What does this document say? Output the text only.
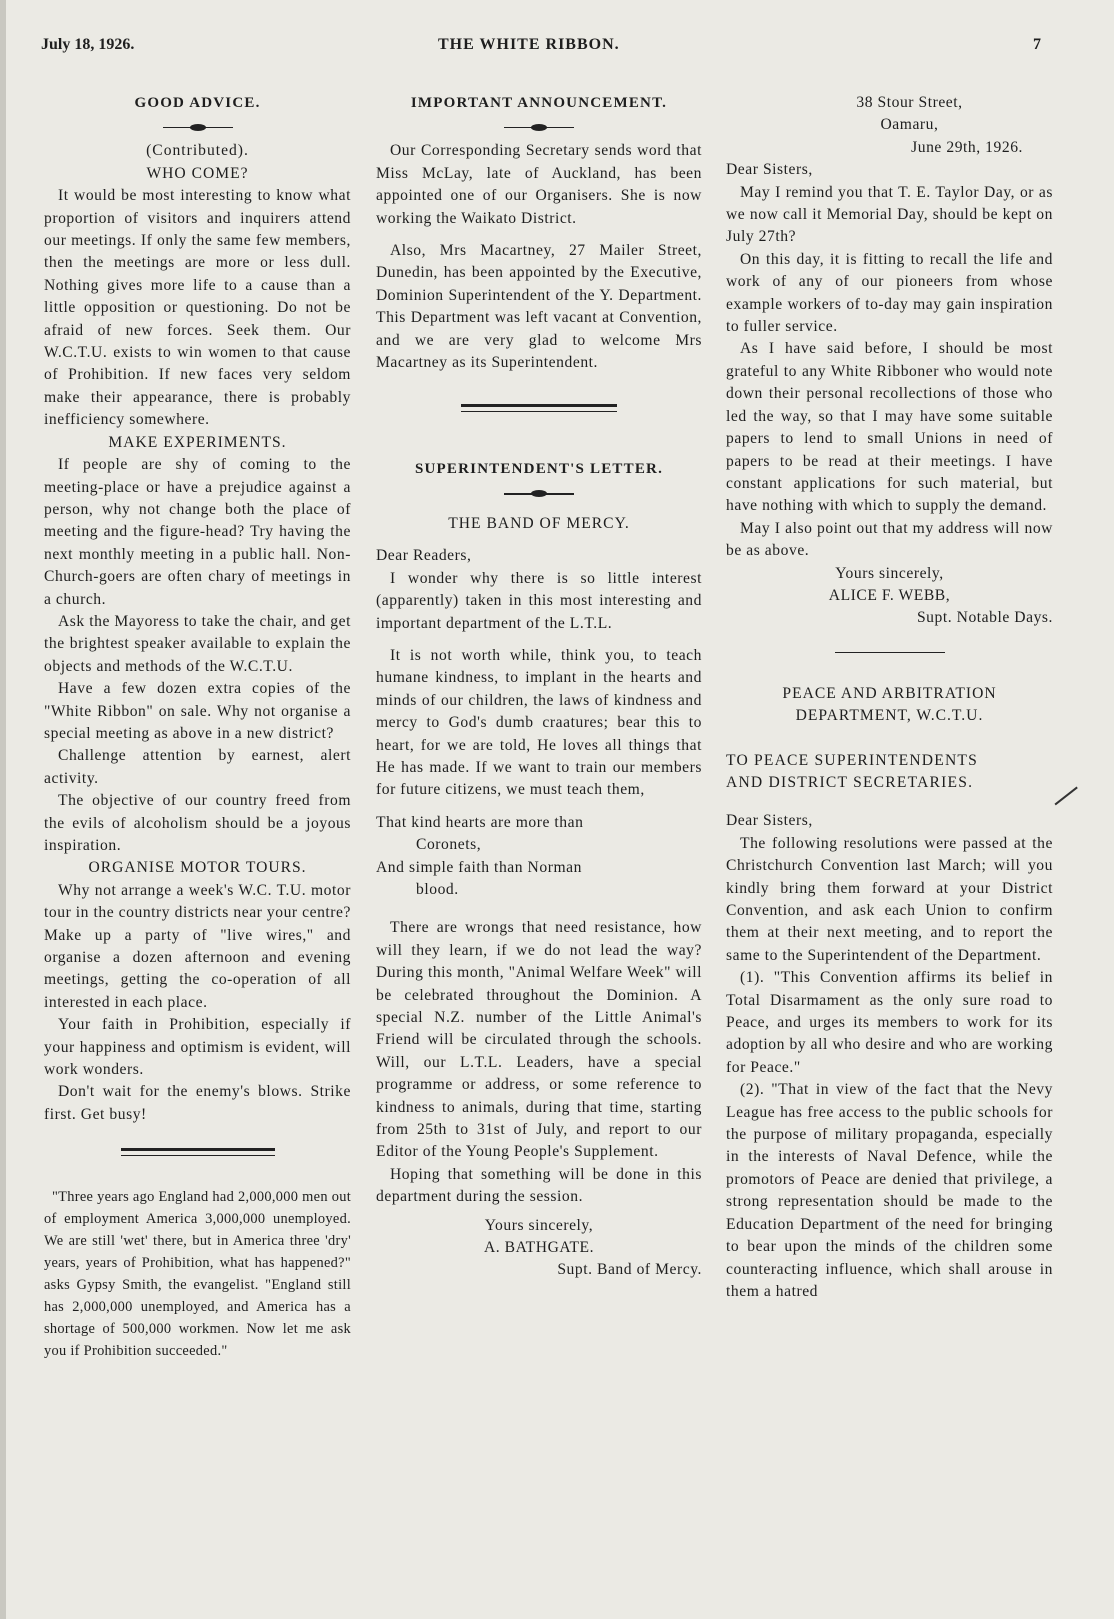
July 18, 1926.	THE WHITE RIBBON.	7

GOOD ADVICE.

(Contributed).

WHO COME?

It would be most interesting to know what proportion of visitors and inquirers attend our meetings. If only the same few members, then the meetings are more or less dull. Nothing gives more life to a cause than a little opposition or questioning. Do not be afraid of new forces. Seek them. Our W.C.T.U. exists to win women to that cause of Prohibition. If new faces very seldom make their appearance, there is probably inefficiency somewhere.

MAKE EXPERIMENTS.

If people are shy of coming to the meeting-place or have a prejudice against a person, why not change both the place of meeting and the figure-head? Try having the next monthly meeting in a public hall. Non-Church-goers are often chary of meetings in a church.

Ask the Mayoress to take the chair, and get the brightest speaker available to explain the objects and methods of the W.C.T.U.

Have a few dozen extra copies of the "White Ribbon" on sale. Why not organise a special meeting as above in a new district?

Challenge attention by earnest, alert activity.

The objective of our country freed from the evils of alcoholism should be a joyous inspiration.

ORGANISE MOTOR TOURS.

Why not arrange a week's W.C. T.U. motor tour in the country districts near your centre? Make up a party of "live wires," and organise a dozen afternoon and evening meetings, getting the co-operation of all interested in each place.

Your faith in Prohibition, especially if your happiness and optimism is evident, will work wonders.

Don't wait for the enemy's blows. Strike first. Get busy!

"Three years ago England had 2,000,000 men out of employment America 3,000,000 unemployed. We are still 'wet' there, but in America three 'dry' years, years of Prohibition, what has happened?" asks Gypsy Smith, the evangelist. "England still has 2,000,000 unemployed, and America has a shortage of 500,000 workmen. Now let me ask you if Prohibition succeeded."

IMPORTANT ANNOUNCEMENT.

Our Corresponding Secretary sends word that Miss McLay, late of Auckland, has been appointed one of our Organisers. She is now working the Waikato District.

Also, Mrs Macartney, 27 Mailer Street, Dunedin, has been appointed by the Executive, Dominion Superintendent of the Y. Department. This Department was left vacant at Convention, and we are very glad to welcome Mrs Macartney as its Superintendent.

SUPERINTENDENT'S LETTER.

THE BAND OF MERCY.

Dear Readers,

I wonder why there is so little interest (apparently) taken in this most interesting and important department of the L.T.L.

It is not worth while, think you, to teach humane kindness, to implant in the hearts and minds of our children, the laws of kindness and mercy to God's dumb craatures; bear this to heart, for we are told, He loves all things that He has made. If we want to train our members for future citizens, we must teach them,

That kind hearts are more than

Coronets,

And simple faith than Norman

blood.

There are wrongs that need resistance, how will they learn, if we do not lead the way? During this month, "Animal Welfare Week" will be celebrated throughout the Dominion. A special N.Z. number of the Little Animal's Friend will be circulated through the schools. Will, our L.T.L. Leaders, have a special programme or address, or some reference to kindness to animals, during that time, starting from 25th to 31st of July, and report to our Editor of the Young People's Supplement.

Hoping that something will be done in this department during the session.

Yours sincerely,

A. BATHGATE.

Supt. Band of Mercy.

38 Stour Street,

Oamaru,

June 29th, 1926.

Dear Sisters,

May I remind you that T. E. Taylor Day, or as we now call it Memorial Day, should be kept on July 27th?

On this day, it is fitting to recall the life and work of any of our pioneers from whose example workers of to-day may gain inspiration to fuller service.

As I have said before, I should be most grateful to any White Ribboner who would note down their personal recollections of those who led the way, so that I may have some suitable papers to lend to small Unions in need of papers to be read at their meetings. I have constant applications for such material, but have nothing with which to supply the demand.

May I also point out that my address will now be as above.

Yours sincerely,

ALICE F. WEBB,

Supt. Notable Days.

PEACE AND ARBITRATION

DEPARTMENT, W.C.T.U.

TO PEACE SUPERINTENDENTS

AND DISTRICT SECRETARIES.

Dear Sisters,

The following resolutions were passed at the Christchurch Convention last March; will you kindly bring them forward at your District Convention, and ask each Union to confirm them at their next meeting, and to report the same to the Superintendent of the Department.

(1). "This Convention affirms its belief in Total Disarmament as the only sure road to Peace, and urges its members to work for its adoption by all who desire and who are working for Peace."

(2). "That in view of the fact that the Nevy League has free access to the public schools for the purpose of military propaganda, especially in the interests of Naval Defence, while the promotors of Peace are denied that privilege, a strong representation should be made to the Education Department of the need for bringing to bear upon the minds of the children some counteracting influence, which shall arouse in them a hatred
